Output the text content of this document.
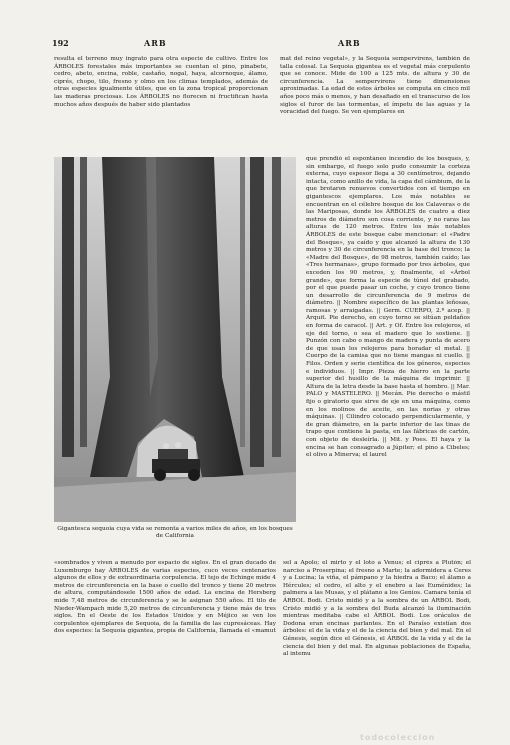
192	ARB	ARB
resulta el terreno muy ingrato para otra especie de cultivo. Entre los ÁRBOLES forestales más importantes se cuentan el pino, pinabete, cedro, abeto, encina, roble, castaño, nogal, haya, alcornoque, álamo, ciprés, chopo, tilo, fresno y olmo en los climas templados, además de otras especies igualmente útiles, que en la zona tropical proporcionan las maderas preciosas. Los ÁRBOLES no florecen ni fructifican hasta muchos años después de haber sido plantados
mat del reino vegetal», y la Sequoia sempervirens, también de talla colosal. La Sequoia gigantea es el vegetal más corpulento que se conoce. Mide de 100 a 125 mts. de altura y 30 de circunferencia. La sempervirens tiene dimensiones aproximadas. La edad de estos árboles se computa en cinco mil años poco más o menos, y han desafiado en el transcurso de los siglos el furor de las tormentas, el ímpetu de las aguas y la voracidad del fuego. Se ven ejemplares en
que prendió el espontáneo incendio de los bosques, y, sin embargo, el fuego solo pudo consumir la corteza externa, cuyo espesor llega a 30 centímetros, dejando intacta, como anillo de vida, la capa del cámbium, de la que brotaron renuevos convertidos con el tiempo en gigantescos ejemplares. Los más notables se encuentran en el célebre bosque de los Calaveras o de las Mariposas, donde los ÁRBOLES de cuatro a diez metros de diámetro son cosa corriente, y no raras las alturas de 120 metros. Entre los más notables ÁRBOLES de este bosque cabe mencionar: el «Padre del Bosque», ya caído y que alcanzó la altura de 130 metros y 30 de circunferencia en la base del tronco; la «Madre del Bosque», de 98 metros, también caído; las «Tres hermanas», grupo formado por tres árboles, que exceden los 90 metros, y, finalmente, el «Árbol grande», que forma la especie de túnel del grabado, por el que puede pasar un coche, y cuyo tronco tiene un desarrollo de circunferencia de 9 metros de diámetro. || Nombre específico de las plantas leñosas, ramosas y arraigadas. || Germ. CUERPO, 2.ª acep. || Arquit. Pie derecho, en cuyo torno se sitúan peldaños en forma de caracol. || Art. y Of. Entre los relojeros, el eje del torno, o sea el madero que lo sostiene. || Punzón con cabo o mango de madera y punta de acero de que usan los relojeros para horadar el metal. || Cuerpo de la camisa que no tiene mangas ni cuello. || Filos. Orden y serie científica de los géneros, especies e individuos. || Impr. Pieza de hierro en la parte superior del husillo de la máquina de imprimir. || Altura de la letra desde la base hasta el hombro. || Mar. PALO y MASTELERO. || Mecán. Pie derecho o mástil fijo o giratorio que sirve de eje en una máquina, como en los molinos de aceite, en las norias y otras máquinas. || Cilindro colocado perpendicularmente, y de gran diámetro, en la parte inferior de las tinas de trapo que contiene la pasta, en las fábricas de cartón, con objeto de desleírla. || Mit. y Poes. El haya y la encina se han consagrado a Júpiter; el pino a Cibeles; el olivo a Minerva; el laurel
Gigantesca sequoia cuya vida se remonta a varios miles de años, en los bosques de California
«sombrados y viven a menudo por espacio de siglos. En el gran ducado de Luxemburgo hay ÁRBOLES de varias especies, cuco veces centenarios algunos de ellos y de extraordinaria corpulencia. El tejo de Echinge mide 4 metros de circunferencia en la base o cuello del tronco y tiene 20 metros de altura, computándosele 1500 años de edad. La encina de Hersberg mide 7,48 metros de circunferencia y se le asignan 550 años. El tilo de Nieder-Wampach mide 5,20 metros de circunferencia y tiene más de tres siglos. En el Oeste de los Estados Unidos y en Méjico se ven los corpulentos ejemplares de Sequoia, de la familia de las cupresáceas. Hay dos especies: la Sequoia gigantea, propia de California, llamada el «mamut
sel a Apolo; el mirto y el loto a Venus; el ciprés a Plutón; el narciso a Proserpina; el fresno a Marte; la adormidera a Ceres y a Lucina; la viña, el pámpano y la hiedra a Baco; el álamo a Hércules; el cedro, el alto y el enebro a las Euménides; la palmera a las Musas, y el plátano a los Genios. Camara tenía el ÁRBOL Bodi. Cristo midió y a la sombra de un ÁRBOL Bodi, Cristo midió y a la sombra del Buda alcanzó la iluminación mientras meditaba cabe el ÁRBOL Bodi. Los oráculos de Dodona eran encinas parlantes. En el Paraíso existían dos árboles: el de la vida y el de la ciencia del bien y del mal. En el Génesis, según dice el Génesis, el ÁRBOL de la vida y el de la ciencia del bien y del mal. En algunas poblaciones de España, al intemu
todocoleccion
